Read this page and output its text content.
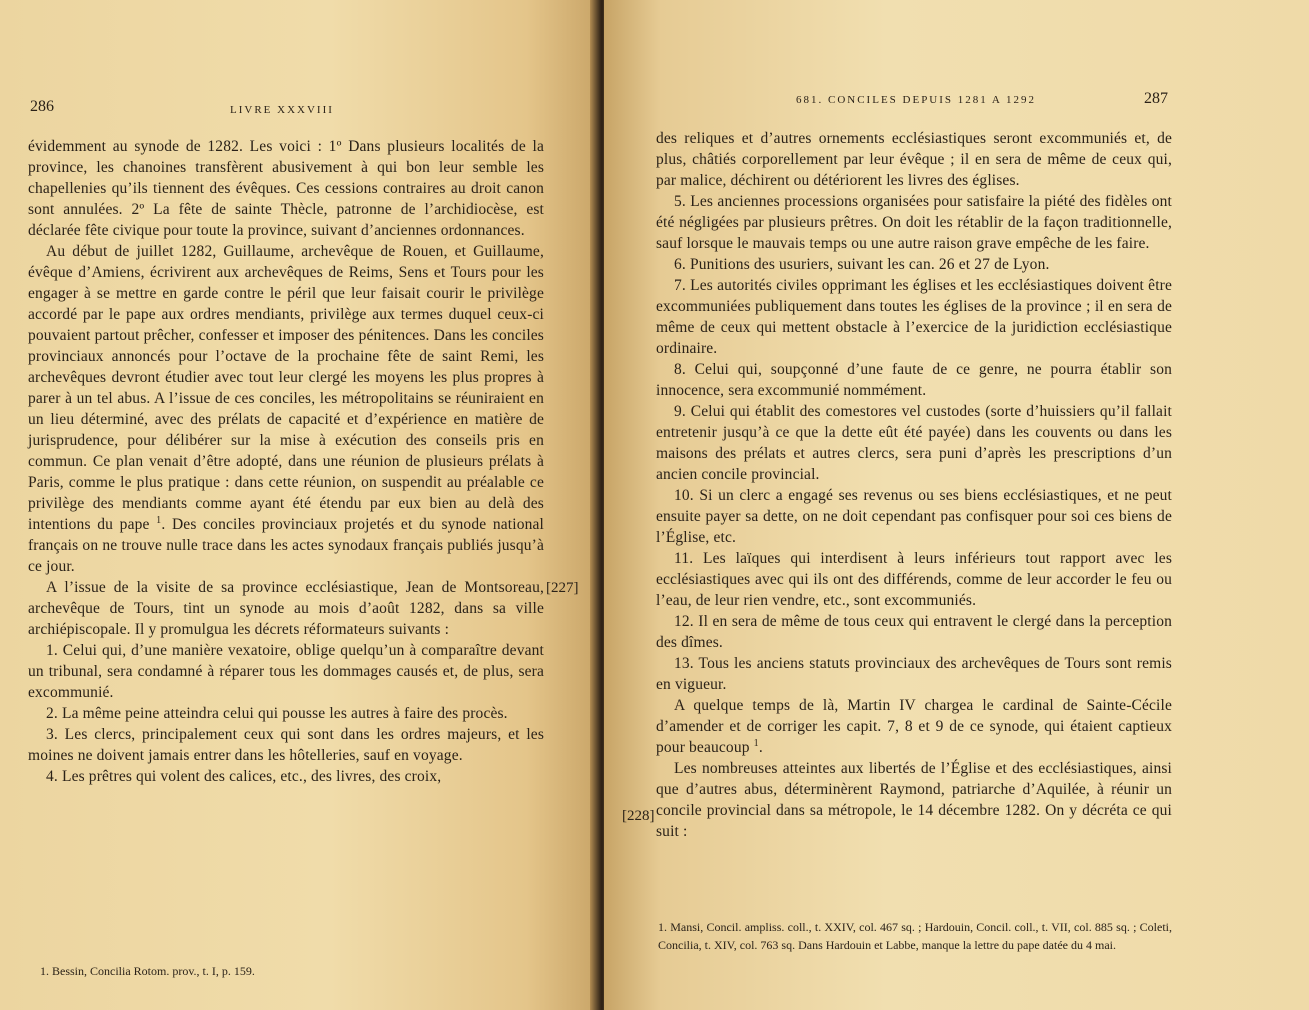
286	LIVRE XXXVIII

évidemment au synode de 1282. Les voici : 1º Dans plusieurs localités de la province, les chanoines transfèrent abusivement à qui bon leur semble les chapellenies qu’ils tiennent des évêques. Ces cessions contraires au droit canon sont annulées. 2º La fête de sainte Thècle, patronne de l’archidiocèse, est déclarée fête civique pour toute la province, suivant d’anciennes ordonnances.

Au début de juillet 1282, Guillaume, archevêque de Rouen, et Guillaume, évêque d’Amiens, écrivirent aux archevêques de Reims, Sens et Tours pour les engager à se mettre en garde contre le péril que leur faisait courir le privilège accordé par le pape aux ordres mendiants, privilège aux termes duquel ceux-ci pouvaient partout prêcher, confesser et imposer des pénitences. Dans les conciles provinciaux annoncés pour l’octave de la prochaine fête de saint Remi, les archevêques devront étudier avec tout leur clergé les moyens les plus propres à parer à un tel abus. A l’issue de ces conciles, les métropolitains se réuniraient en un lieu déterminé, avec des prélats de capacité et d’expérience en matière de jurisprudence, pour délibérer sur la mise à exécution des conseils pris en commun. Ce plan venait d’être adopté, dans une réunion de plusieurs prélats à Paris, comme le plus pratique : dans cette réunion, on suspendit au préalable ce privilège des mendiants comme ayant été étendu par eux bien au delà des intentions du pape $^1$. Des conciles provinciaux projetés et du synode national français on ne trouve nulle trace dans les actes synodaux français publiés jusqu’à ce jour.

A l’issue de la visite de sa province ecclésiastique, Jean de Montsoreau, archevêque de Tours, tint un synode au mois d’août 1282, dans sa ville archiépiscopale. Il y promulgua les décrets réformateurs suivants :

1. Celui qui, d’une manière vexatoire, oblige quelqu’un à comparaître devant un tribunal, sera condamné à réparer tous les dommages causés et, de plus, sera excommunié.

2. La même peine atteindra celui qui pousse les autres à faire des procès.

3. Les clercs, principalement ceux qui sont dans les ordres majeurs, et les moines ne doivent jamais entrer dans les hôtelleries, sauf en voyage.

4. Les prêtres qui volent des calices, etc., des livres, des croix,

1. Bessin, Concilia Rotom. prov., t. I, p. 159.

[227]

681. CONCILES DEPUIS 1281 A 1292	287

des reliques et d’autres ornements ecclésiastiques seront excommuniés et, de plus, châtiés corporellement par leur évêque ; il en sera de même de ceux qui, par malice, déchirent ou détériorent les livres des églises.

5. Les anciennes processions organisées pour satisfaire la piété des fidèles ont été négligées par plusieurs prêtres. On doit les rétablir de la façon traditionnelle, sauf lorsque le mauvais temps ou une autre raison grave empêche de les faire.

6. Punitions des usuriers, suivant les can. 26 et 27 de Lyon.

7. Les autorités civiles opprimant les églises et les ecclésiastiques doivent être excommuniées publiquement dans toutes les églises de la province ; il en sera de même de ceux qui mettent obstacle à l’exercice de la juridiction ecclésiastique ordinaire.

8. Celui qui, soupçonné d’une faute de ce genre, ne pourra établir son innocence, sera excommunié nommément.

9. Celui qui établit des comestores vel custodes (sorte d’huissiers qu’il fallait entretenir jusqu’à ce que la dette eût été payée) dans les couvents ou dans les maisons des prélats et autres clercs, sera puni d’après les prescriptions d’un ancien concile provincial.

10. Si un clerc a engagé ses revenus ou ses biens ecclésiastiques, et ne peut ensuite payer sa dette, on ne doit cependant pas confisquer pour soi ces biens de l’Église, etc.

11. Les laïques qui interdisent à leurs inférieurs tout rapport avec les ecclésiastiques avec qui ils ont des différends, comme de leur accorder le feu ou l’eau, de leur rien vendre, etc., sont excommuniés.

12. Il en sera de même de tous ceux qui entravent le clergé dans la perception des dîmes.

13. Tous les anciens statuts provinciaux des archevêques de Tours sont remis en vigueur.

A quelque temps de là, Martin IV chargea le cardinal de Sainte-Cécile d’amender et de corriger les capit. 7, 8 et 9 de ce synode, qui étaient captieux pour beaucoup $^1$.

Les nombreuses atteintes aux libertés de l’Église et des ecclésiastiques, ainsi que d’autres abus, déterminèrent Raymond, patriarche d’Aquilée, à réunir un concile provincial dans sa métropole, le 14 décembre 1282. On y décréta ce qui suit :

1. Mansi, Concil. ampliss. coll., t. XXIV, col. 467 sq. ; Hardouin, Concil. coll., t. VII, col. 885 sq. ; Coleti, Concilia, t. XIV, col. 763 sq. Dans Hardouin et Labbe, manque la lettre du pape datée du 4 mai.

[228]
